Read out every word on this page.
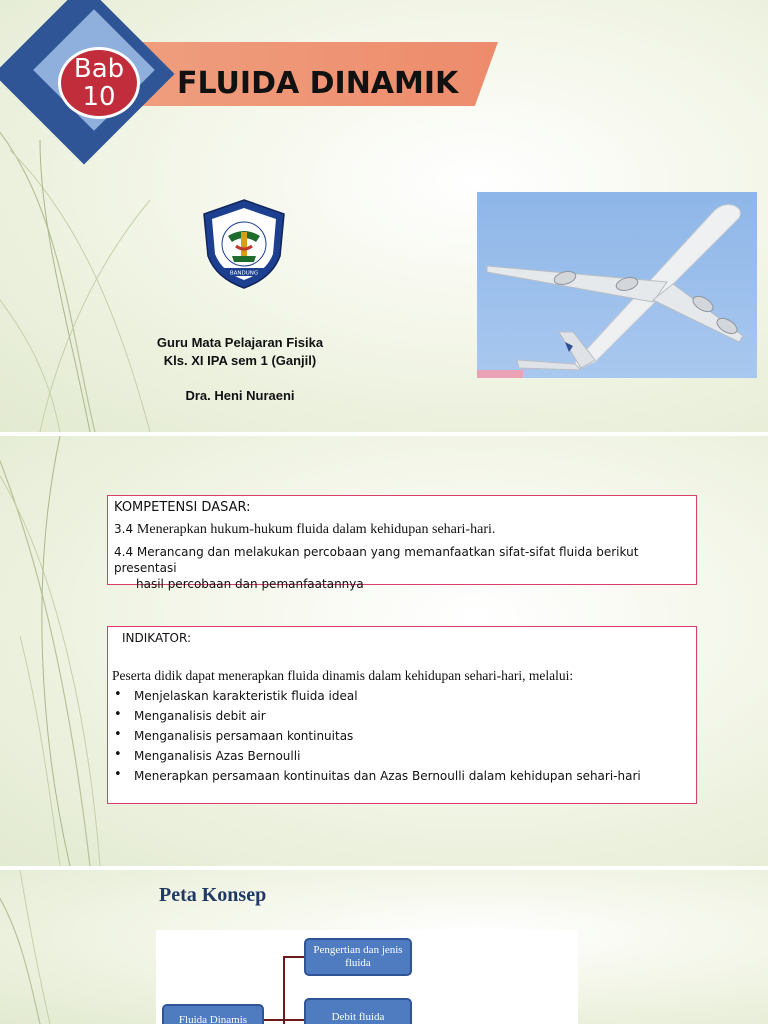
Bab
10 FLUIDA DINAMIK
BANDUNG
Guru Mata Pelajaran Fisika
Kls. XI IPA sem 1 (Ganjil)
Dra. Heni Nuraeni
KOMPETENSI DASAR:
3.4 Menerapkan hukum-hukum fluida dalam kehidupan sehari-hari.
4.4 Merancang dan melakukan percobaan yang memanfaatkan sifat-sifat fluida berikut presentasi
hasil percobaan dan pemanfaatannya
INDIKATOR:
Peserta didik dapat menerapkan fluida dinamis dalam kehidupan sehari-hari, melalui:
• Menjelaskan karakteristik fluida ideal
• Menganalisis debit air
• Menganalisis persamaan kontinuitas
• Menganalisis Azas Bernoulli
• Menerapkan persamaan kontinuitas dan Azas Bernoulli dalam kehidupan sehari-hari
Peta Konsep
Pengertian dan jenis fluida
Debit fluida
Fluida Dinamis
